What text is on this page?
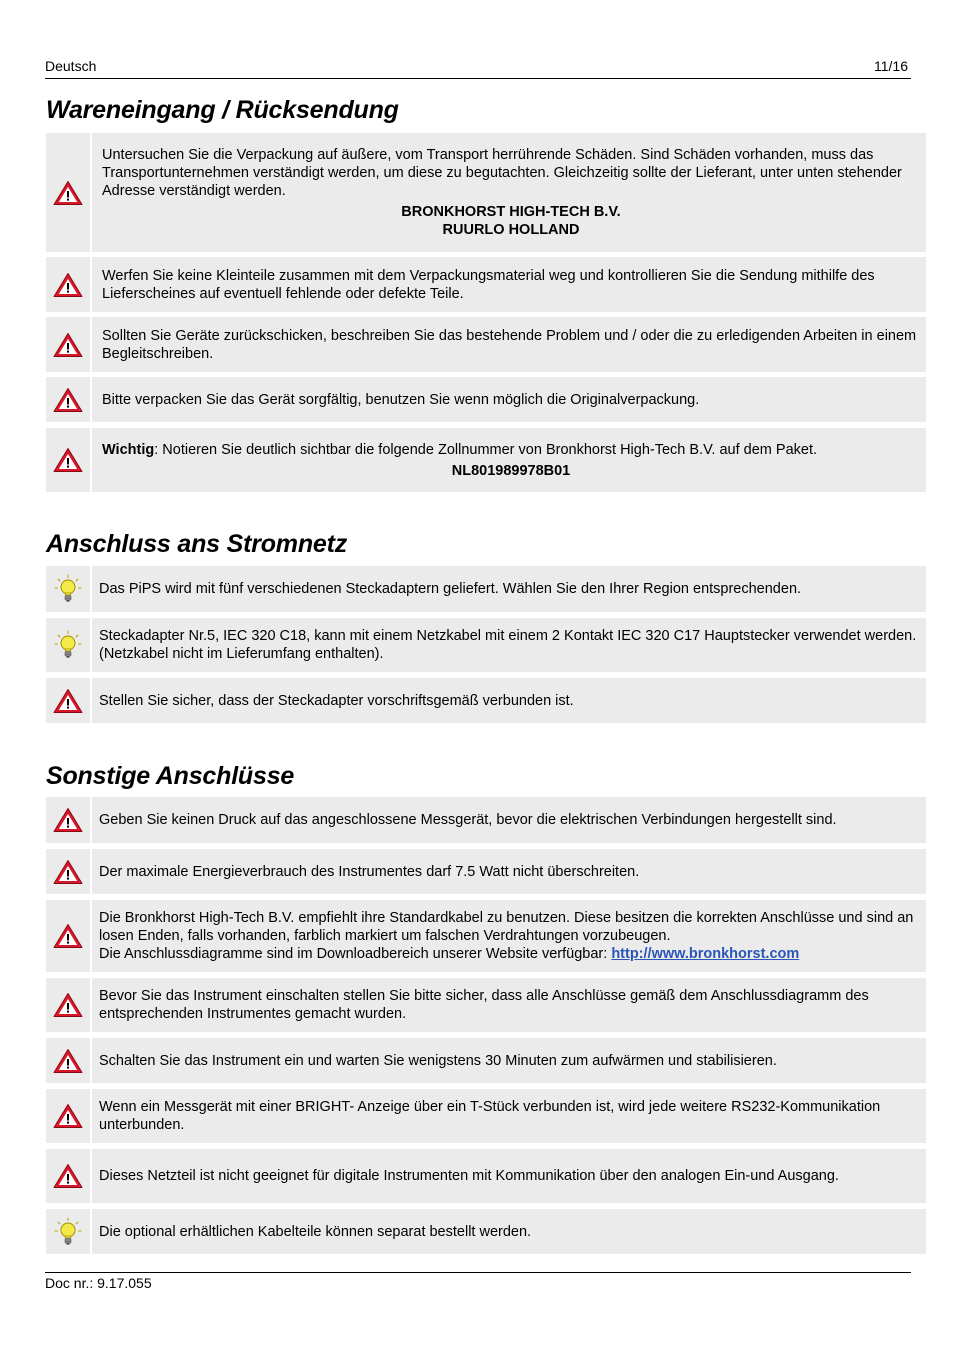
Deutsch	11/16
Wareneingang / Rücksendung
Untersuchen Sie die Verpackung auf äußere, vom Transport herrührende Schäden. Sind Schäden vorhanden, muss das Transportunternehmen verständigt werden, um diese zu begutachten. Gleichzeitig sollte der Lieferant, unter unten stehender Adresse verständigt werden.
BRONKHORST HIGH-TECH B.V.
RUURLO HOLLAND
Werfen Sie keine Kleinteile zusammen mit dem Verpackungsmaterial weg und kontrollieren Sie die Sendung mithilfe des Lieferscheines auf eventuell fehlende oder defekte Teile.
Sollten Sie Geräte zurückschicken, beschreiben Sie das bestehende Problem und / oder die zu erledigenden Arbeiten in einem Begleitschreiben.
Bitte verpacken Sie das Gerät sorgfältig, benutzen Sie wenn möglich die Originalverpackung.
Wichtig: Notieren Sie deutlich sichtbar die folgende Zollnummer von Bronkhorst High-Tech B.V. auf dem Paket.
NL801989978B01
Anschluss ans Stromnetz
Das PiPS wird mit fünf verschiedenen Steckadaptern geliefert. Wählen Sie den Ihrer Region entsprechenden.
Steckadapter Nr.5, IEC 320 C18, kann mit einem Netzkabel mit einem 2 Kontakt IEC 320 C17 Hauptstecker verwendet werden. (Netzkabel nicht im Lieferumfang enthalten).
Stellen Sie sicher, dass der Steckadapter vorschriftsgemäß verbunden ist.
Sonstige Anschlüsse
Geben Sie keinen Druck auf das angeschlossene Messgerät, bevor die elektrischen Verbindungen hergestellt sind.
Der maximale Energieverbrauch des Instrumentes darf 7.5 Watt nicht überschreiten.
Die Bronkhorst High-Tech B.V. empfiehlt ihre Standardkabel zu benutzen. Diese besitzen die korrekten Anschlüsse und sind an losen Enden, falls vorhanden, farblich markiert um falschen Verdrahtungen vorzubeugen.
Die Anschlussdiagramme sind im Downloadbereich unserer Website verfügbar: http://www.bronkhorst.com
Bevor Sie das Instrument einschalten stellen Sie bitte sicher, dass alle Anschlüsse gemäß dem Anschlussdiagramm des entsprechenden Instrumentes gemacht wurden.
Schalten Sie das Instrument ein und warten Sie wenigstens 30 Minuten zum aufwärmen und stabilisieren.
Wenn ein Messgerät mit einer BRIGHT- Anzeige über ein T-Stück verbunden ist, wird jede weitere RS232-Kommunikation unterbunden.
Dieses Netzteil ist nicht geeignet für digitale Instrumenten mit Kommunikation über den analogen Ein-und Ausgang.
Die optional erhältlichen Kabelteile können separat bestellt werden.
Doc nr.: 9.17.055
